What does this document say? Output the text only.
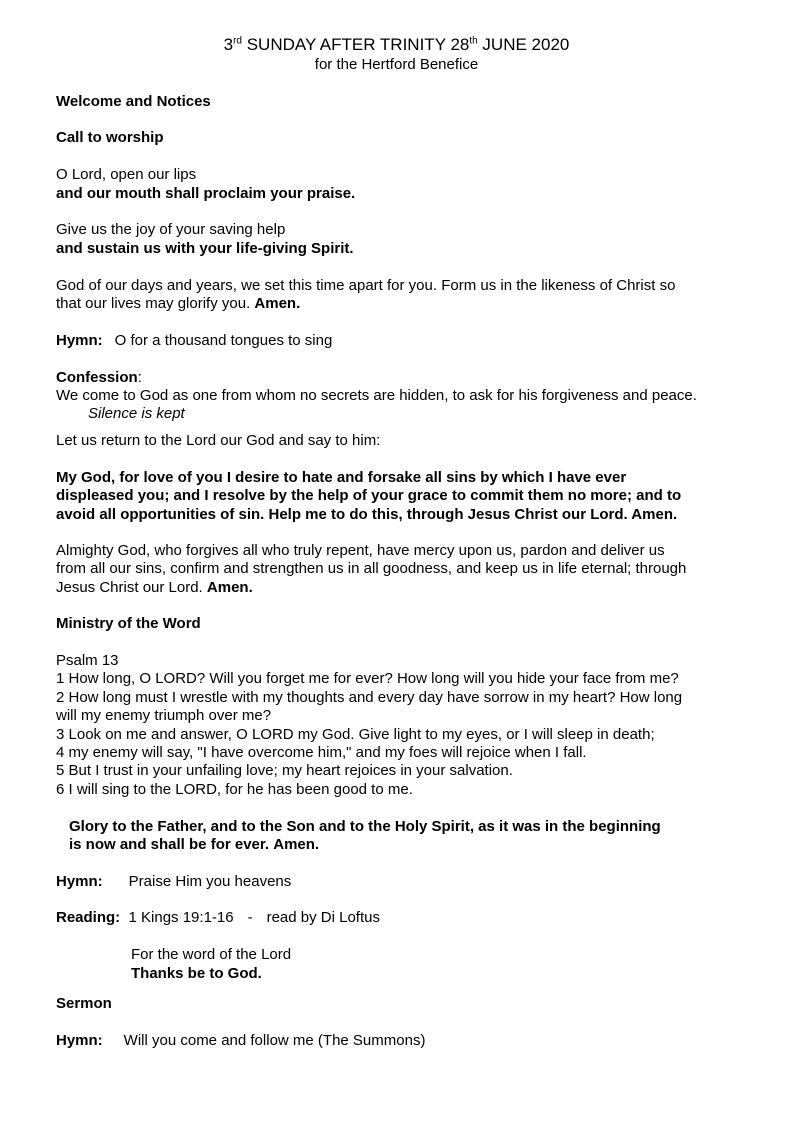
3rd SUNDAY AFTER TRINITY 28th JUNE 2020
for the Hertford Benefice
Welcome and Notices
Call to worship
O Lord, open our lips
and our mouth shall proclaim your praise.
Give us the joy of your saving help
and sustain us with your life-giving Spirit.
God of our days and years, we set this time apart for you. Form us in the likeness of Christ so
that our lives may glorify you. Amen.
Hymn: O for a thousand tongues to sing
Confession:
We come to God as one from whom no secrets are hidden, to ask for his forgiveness and peace.
Silence is kept
Let us return to the Lord our God and say to him:
My God, for love of you I desire to hate and forsake all sins by which I have ever
displeased you; and I resolve by the help of your grace to commit them no more; and to
avoid all opportunities of sin. Help me to do this, through Jesus Christ our Lord. Amen.
Almighty God, who forgives all who truly repent, have mercy upon us, pardon and deliver us
from all our sins, confirm and strengthen us in all goodness, and keep us in life eternal; through
Jesus Christ our Lord. Amen.
Ministry of the Word
Psalm 13
1 How long, O LORD? Will you forget me for ever? How long will you hide your face from me?
2 How long must I wrestle with my thoughts and every day have sorrow in my heart? How long
will my enemy triumph over me?
3 Look on me and answer, O LORD my God. Give light to my eyes, or I will sleep in death;
4 my enemy will say, "I have overcome him," and my foes will rejoice when I fall.
5 But I trust in your unfailing love; my heart rejoices in your salvation.
6 I will sing to the LORD, for he has been good to me.
Glory to the Father, and to the Son and to the Holy Spirit, as it was in the beginning
is now and shall be for ever. Amen.
Hymn: Praise Him you heavens
Reading: 1 Kings 19:1-16 - read by Di Loftus
For the word of the Lord
Thanks be to God.
Sermon
Hymn: Will you come and follow me (The Summons)
